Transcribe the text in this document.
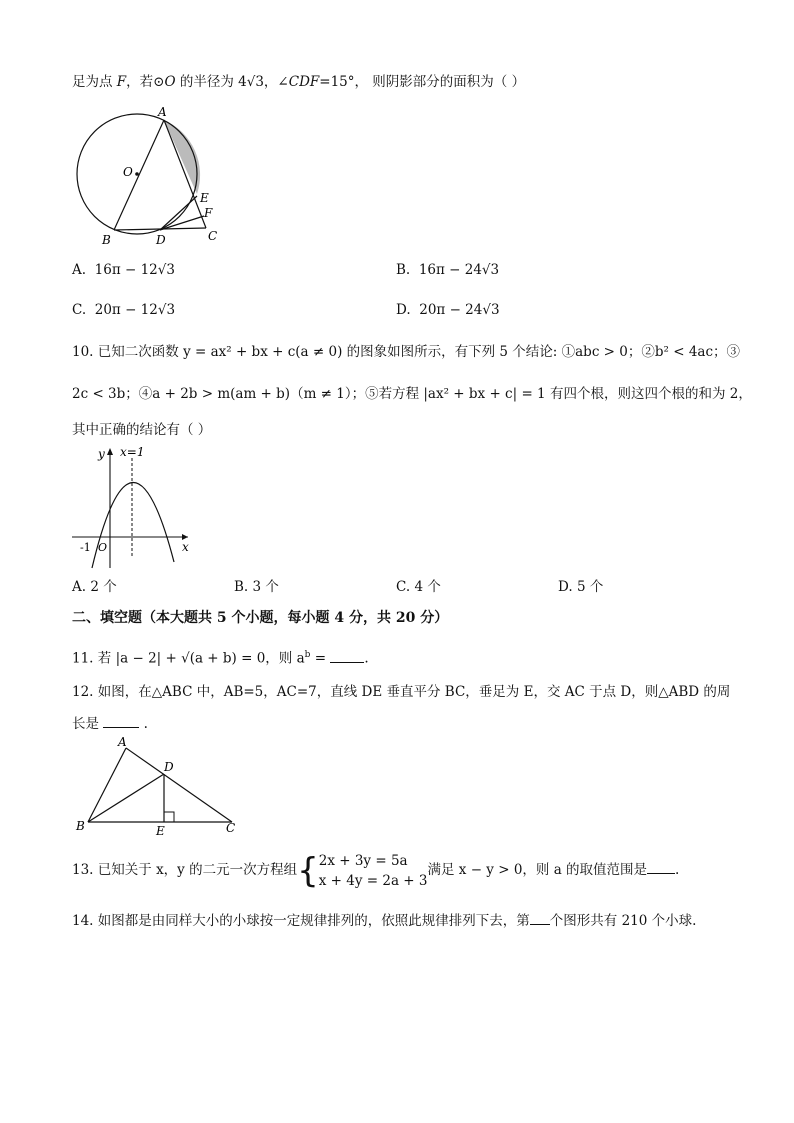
足为点 F，若⊙O 的半径为 4√3，∠CDF=15°， 则阴影部分的面积为（ ）
A
O
E
F
B	D	C
A. 16π − 12√3	B. 16π − 24√3
C. 20π − 12√3	D. 20π − 24√3
10. 已知二次函数 y = ax² + bx + c(a ≠ 0) 的图象如图所示，有下列 5 个结论: ①abc > 0；②b² < 4ac；③
2c < 3b；④a + 2b > m(am + b)（m ≠ 1）；⑤若方程 |ax² + bx + c| = 1 有四个根，则这四个根的和为 2，
其中正确的结论有（ ）
y x=1
-1 O	x
A. 2 个	B. 3 个	C. 4 个	D. 5 个
二、填空题（本大题共 5 个小题，每小题 4 分，共 20 分）
11. 若 |a − 2| + √(a + b) = 0，则 $a^b$ =	.
12. 如图，在△ABC 中，AB=5，AC=7，直线 DE 垂直平分 BC，垂足为 E，交 AC 于点 D，则△ABD 的周
长是	.
A
D
B	E	C
13. 已知关于 x，y 的二元一次方程组{ 2x + 3y = 5a
x + 4y = 2a + 3
满足 x − y > 0，则 a 的取值范围是 .
14. 如图都是由同样大小的小球按一定规律排列的，依照此规律排列下去，第 个图形共有 210 个小球.
